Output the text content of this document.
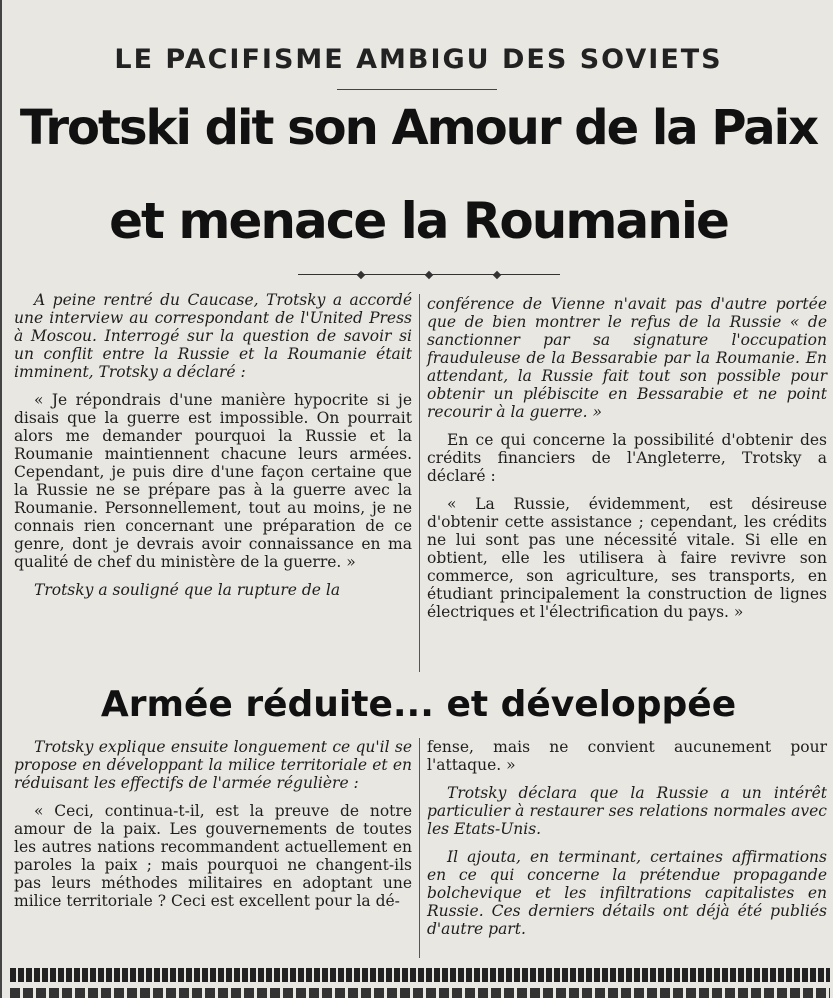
LE PACIFISME AMBIGU DES SOVIETS
Trotski dit son Amour de la Paix
et menace la Roumanie

A peine rentré du Caucase, Trotsky a accordé une interview au correspondant de l'United Press à Moscou. Interrogé sur la question de savoir si un conflit entre la Russie et la Roumanie était imminent, Trotsky a déclaré :

« Je répondrais d'une manière hypocrite si je disais que la guerre est impossible. On pourrait alors me demander pourquoi la Russie et la Roumanie maintiennent chacune leurs armées. Cependant, je puis dire d'une façon certaine que la Russie ne se prépare pas à la guerre avec la Roumanie. Personnellement, tout au moins, je ne connais rien concernant une préparation de ce genre, dont je devrais avoir connaissance en ma qualité de chef du ministère de la guerre. »

Trotsky a souligné que la rupture de la

conférence de Vienne n'avait pas d'autre portée que de bien montrer le refus de la Russie « de sanctionner par sa signature l'occupation frauduleuse de la Bessarabie par la Roumanie. En attendant, la Russie fait tout son possible pour obtenir un plébiscite en Bessarabie et ne point recourir à la guerre. »

En ce qui concerne la possibilité d'obtenir des crédits financiers de l'Angleterre, Trotsky a déclaré :

« La Russie, évidemment, est désireuse d'obtenir cette assistance ; cependant, les crédits ne lui sont pas une nécessité vitale. Si elle en obtient, elle les utilisera à faire revivre son commerce, son agriculture, ses transports, en étudiant principalement la construction de lignes électriques et l'électrification du pays. »

Armée réduite... et développée

Trotsky explique ensuite longuement ce qu'il se propose en développant la milice territoriale et en réduisant les effectifs de l'armée régulière :

« Ceci, continua-t-il, est la preuve de notre amour de la paix. Les gouvernements de toutes les autres nations recommandent actuellement en paroles la paix ; mais pourquoi ne changent-ils pas leurs méthodes militaires en adoptant une milice territoriale ? Ceci est excellent pour la dé-

fense, mais ne convient aucunement pour l'attaque. »

Trotsky déclara que la Russie a un intérêt particulier à restaurer ses relations normales avec les Etats-Unis.

Il ajouta, en terminant, certaines affirmations en ce qui concerne la prétendue propagande bolchevique et les infiltrations capitalistes en Russie. Ces derniers détails ont déjà été publiés d'autre part.
